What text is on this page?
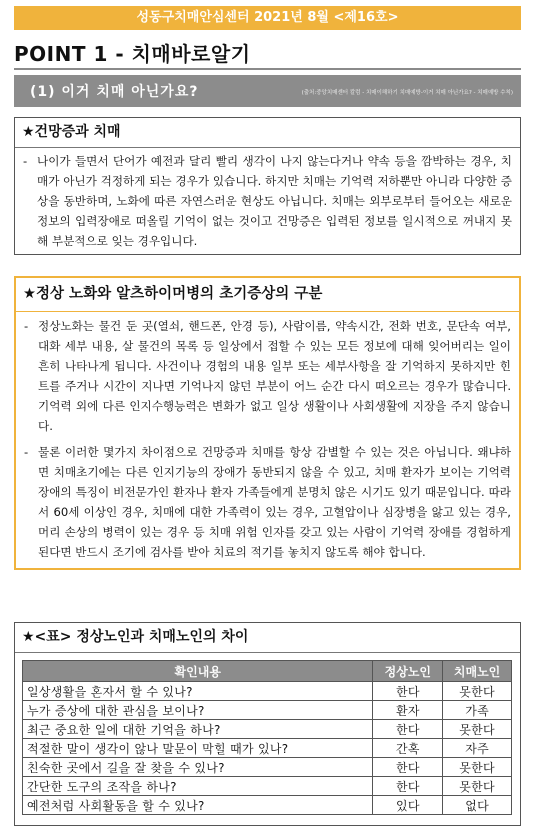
성동구치매안심센터 2021년 8월 <제16호>
POINT 1 - 치매바로알기
(1) 이거 치매 아닌가요?	(출처:중앙치매센터 칼럼 - 치매이해하기 치매예방-이거 치매 아닌가요? - 치매예방 수칙)
★건망증과 치매
- 나이가 들면서 단어가 예전과 달리 빨리 생각이 나지 않는다거나 약속 등을 깜박하는 경우, 치매가 아닌가 걱정하게 되는 경우가 있습니다. 하지만 치매는 기억력 저하뿐만 아니라 다양한 증상을 동반하며, 노화에 따른 자연스러운 현상도 아닙니다. 치매는 외부로부터 들어오는 새로운 정보의 입력장애로 떠올릴 기억이 없는 것이고 건망증은 입력된 정보를 일시적으로 꺼내지 못해 부분적으로 잊는 경우입니다.
★정상 노화와 알츠하이머병의 초기증상의 구분
- 정상노화는 물건 둔 곳(열쇠, 핸드폰, 안경 등), 사람이름, 약속시간, 전화 번호, 문단속 여부, 대화 세부 내용, 살 물건의 목록 등 일상에서 접할 수 있는 모든 정보에 대해 잊어버리는 일이 흔히 나타나게 됩니다. 사건이나 경험의 내용 일부 또는 세부사항을 잘 기억하지 못하지만 힌트를 주거나 시간이 지나면 기억나지 않던 부분이 어느 순간 다시 떠오르는 경우가 많습니다. 기억력 외에 다른 인지수행능력은 변화가 없고 일상 생활이나 사회생활에 지장을 주지 않습니다.
- 물론 이러한 몇가지 차이점으로 건망증과 치매를 항상 감별할 수 있는 것은 아닙니다. 왜냐하면 치매초기에는 다른 인지기능의 장애가 동반되지 않을 수 있고, 치매 환자가 보이는 기억력 장애의 특징이 비전문가인 환자나 환자 가족들에게 분명치 않은 시기도 있기 때문입니다. 따라서 60세 이상인 경우, 치매에 대한 가족력이 있는 경우, 고혈압이나 심장병을 앓고 있는 경우, 머리 손상의 병력이 있는 경우 등 치매 위험 인자를 갖고 있는 사람이 기억력 장애를 경험하게 된다면 반드시 조기에 검사를 받아 치료의 적기를 놓치지 않도록 해야 합니다.
★<표> 정상노인과 치매노인의 차이
확인내용	정상노인	치매노인
일상생활을 혼자서 할 수 있나?	한다	못한다
누가 증상에 대한 관심을 보이나?	환자	가족
최근 중요한 일에 대한 기억을 하나?	한다	못한다
적절한 말이 생각이 않나 말문이 막힐 때가 있나?	간혹	자주
친숙한 곳에서 길을 잘 찾을 수 있나?	한다	못한다
간단한 도구의 조작을 하나?	한다	못한다
예전처럼 사회활동을 할 수 있나?	있다	없다
